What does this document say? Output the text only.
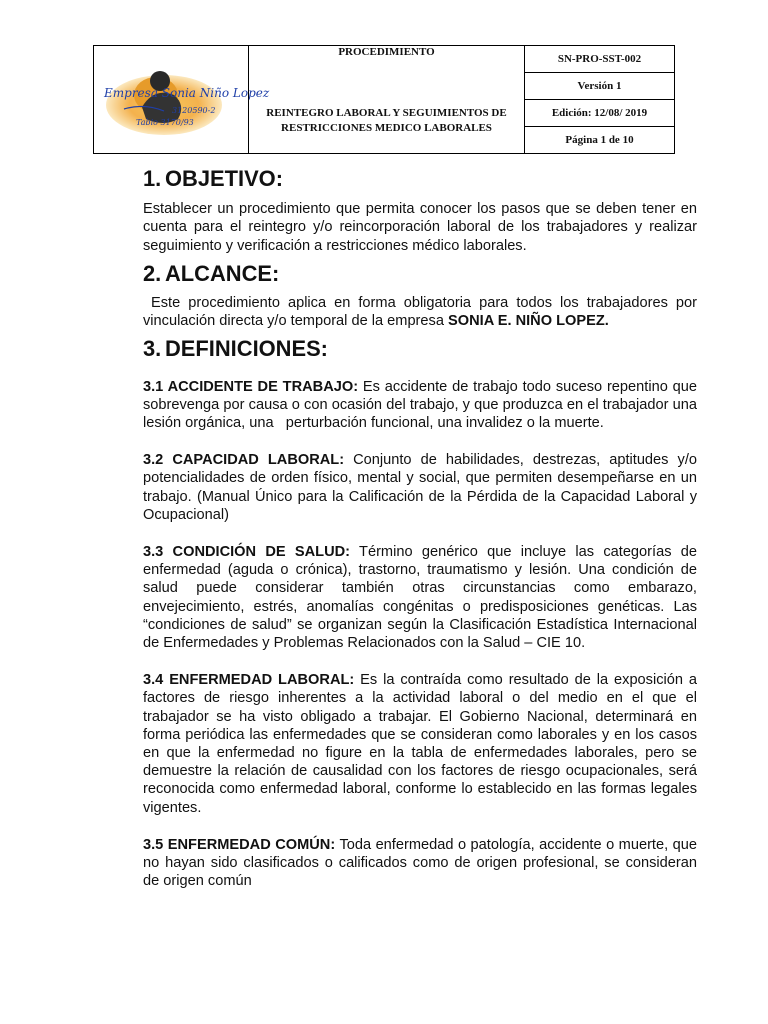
Empresa Sonia Niño Lopez
3120590-2
Tabio 3170/93

PROCEDIMIENTO
REINTEGRO LABORAL Y SEGUIMIENTOS DE RESTRICCIONES MEDICO LABORALES
	SN-PRO-SST-002
Versión 1
Edición: 12/08/ 2019
Página 1 de 10
1. OBJETIVO:

Establecer un procedimiento que permita conocer los pasos que se deben tener en cuenta para el reintegro y/o reincorporación laboral de los trabajadores y realizar seguimiento y verificación a restricciones médico laborales.

2. ALCANCE:

Este procedimiento aplica en forma obligatoria para todos los trabajadores por vinculación directa y/o temporal de la empresa SONIA E. NIÑO LOPEZ.

3. DEFINICIONES:

3.1 ACCIDENTE DE TRABAJO: Es accidente de trabajo todo suceso repentino que sobrevenga por causa o con ocasión del trabajo, y que produzca en el trabajador una lesión orgánica, una   perturbación funcional, una invalidez o la muerte.

3.2 CAPACIDAD LABORAL: Conjunto de habilidades, destrezas, aptitudes y/o potencialidades de orden físico, mental y social, que permiten desempeñarse en un trabajo. (Manual Único para la Calificación de la Pérdida de la Capacidad Laboral y Ocupacional)

3.3 CONDICIÓN DE SALUD: Término genérico que incluye las categorías de enfermedad (aguda o crónica), trastorno, traumatismo y lesión. Una condición de salud puede considerar también otras circunstancias como embarazo, envejecimiento, estrés, anomalías congénitas o predisposiciones genéticas. Las “condiciones de salud” se organizan según la Clasificación Estadística Internacional de Enfermedades y Problemas Relacionados con la Salud – CIE 10.

3.4 ENFERMEDAD LABORAL: Es la contraída como resultado de la exposición a factores de riesgo inherentes a la actividad laboral o del medio en el que el trabajador se ha visto obligado a trabajar. El Gobierno Nacional, determinará en forma periódica las enfermedades que se consideran como laborales y en los casos en que la enfermedad no figure en la tabla de enfermedades laborales, pero se demuestre la relación de causalidad con los factores de riesgo ocupacionales, será reconocida como enfermedad laboral, conforme lo establecido en las formas legales vigentes.

3.5 ENFERMEDAD COMÚN: Toda enfermedad o patología, accidente o muerte, que no hayan sido clasificados o calificados como de origen profesional, se consideran de origen común
